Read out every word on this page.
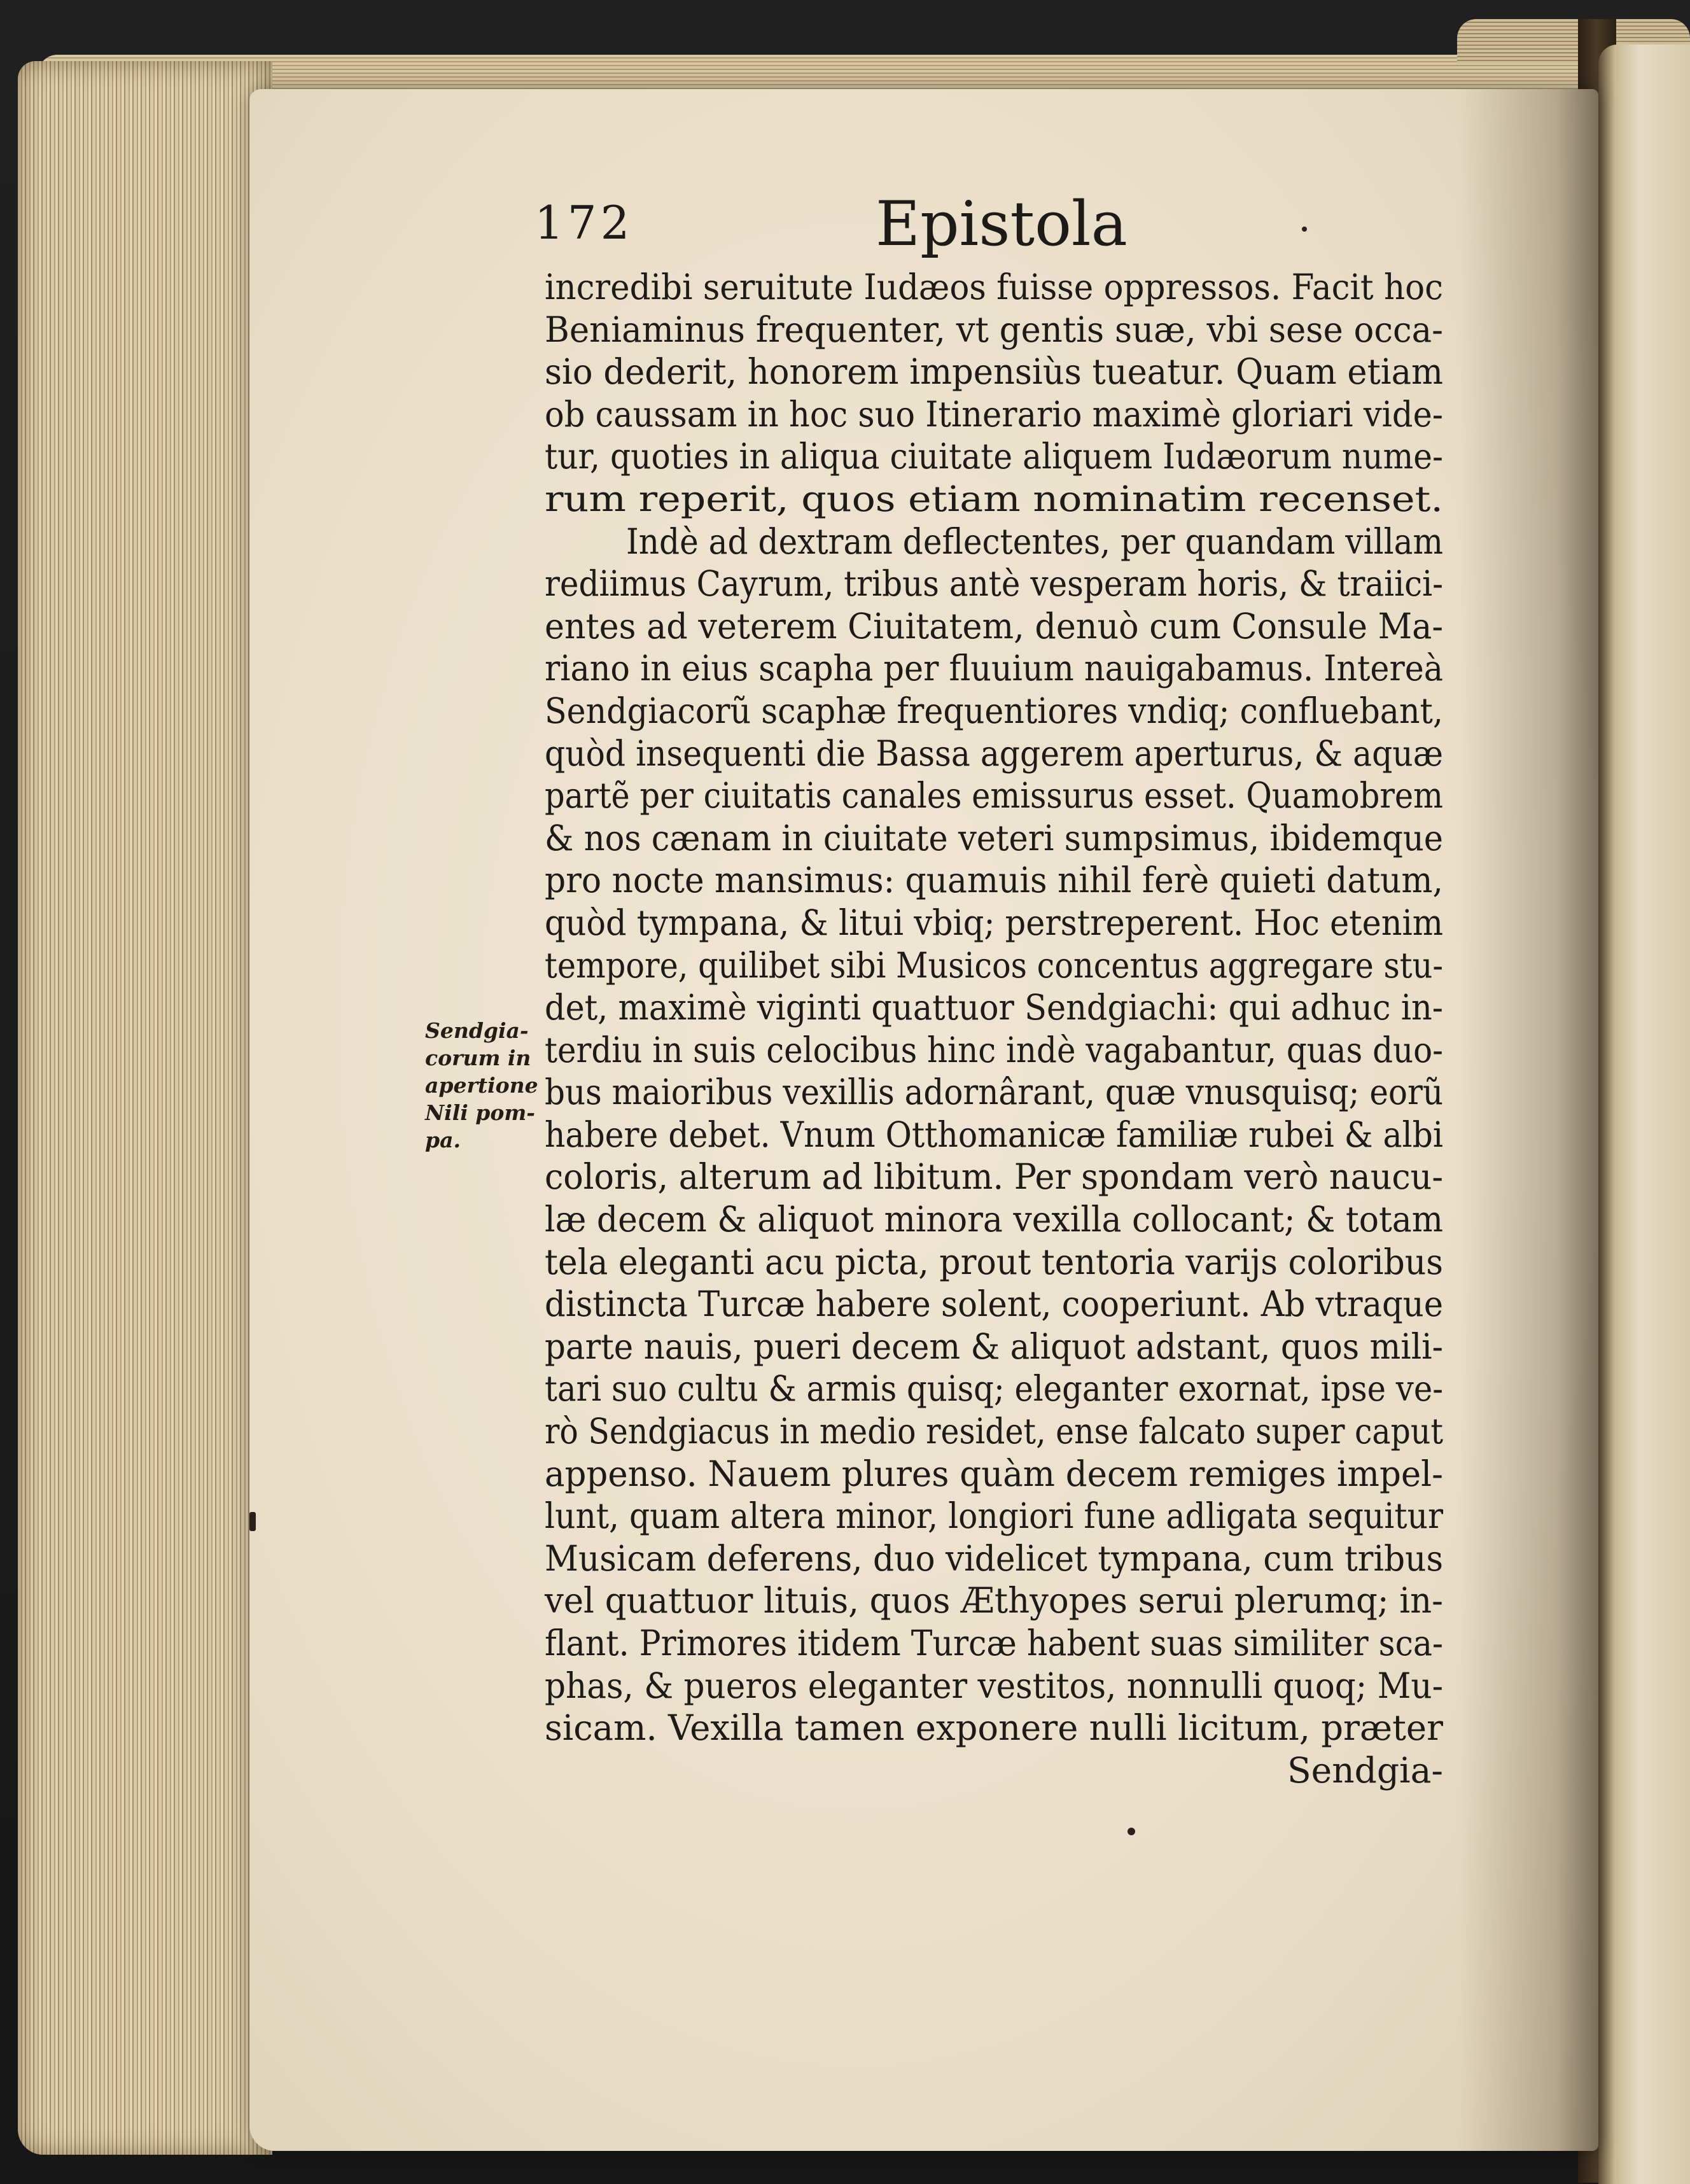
172	Epistola
Sendgia-
corum in
apertione
Nili pom-
pa.
incredibi seruitute Iudæos fuisse oppressos. Facit hoc
Beniaminus frequenter, vt gentis suæ, vbi sese occa-
sio dederit, honorem impensiùs tueatur. Quam etiam
ob caussam in hoc suo Itinerario maximè gloriari vide-
tur, quoties in aliqua ciuitate aliquem Iudæorum nume-
rum reperit, quos etiam nominatim recenset.
Indè ad dextram deflectentes, per quandam villam
rediimus Cayrum, tribus antè vesperam horis, & traiici-
entes ad veterem Ciuitatem, denuò cum Consule Ma-
riano in eius scapha per fluuium nauigabamus. Intereà
Sendgiacorũ scaphæ frequentiores vndiq; confluebant,
quòd insequenti die Bassa aggerem aperturus, & aquæ
partẽ per ciuitatis canales emissurus esset. Quamobrem
& nos cænam in ciuitate veteri sumpsimus, ibidemque
pro nocte mansimus: quamuis nihil ferè quieti datum,
quòd tympana, & litui vbiq; perstreperent. Hoc etenim
tempore, quilibet sibi Musicos concentus aggregare stu-
det, maximè viginti quattuor Sendgiachi: qui adhuc in-
terdiu in suis celocibus hinc indè vagabantur, quas duo-
bus maioribus vexillis adornârant, quæ vnusquisq; eorũ
habere debet. Vnum Otthomanicæ familiæ rubei & albi
coloris, alterum ad libitum. Per spondam verò naucu-
læ decem & aliquot minora vexilla collocant; & totam
tela eleganti acu picta, prout tentoria varijs coloribus
distincta Turcæ habere solent, cooperiunt. Ab vtraque
parte nauis, pueri decem & aliquot adstant, quos mili-
tari suo cultu & armis quisq; eleganter exornat, ipse ve-
rò Sendgiacus in medio residet, ense falcato super caput
appenso. Nauem plures quàm decem remiges impel-
lunt, quam altera minor, longiori fune adligata sequitur
Musicam deferens, duo videlicet tympana, cum tribus
vel quattuor lituis, quos Æthyopes serui plerumq; in-
flant. Primores itidem Turcæ habent suas similiter sca-
phas, & pueros eleganter vestitos, nonnulli quoq; Mu-
sicam. Vexilla tamen exponere nulli licitum, præter
Sendgia-
